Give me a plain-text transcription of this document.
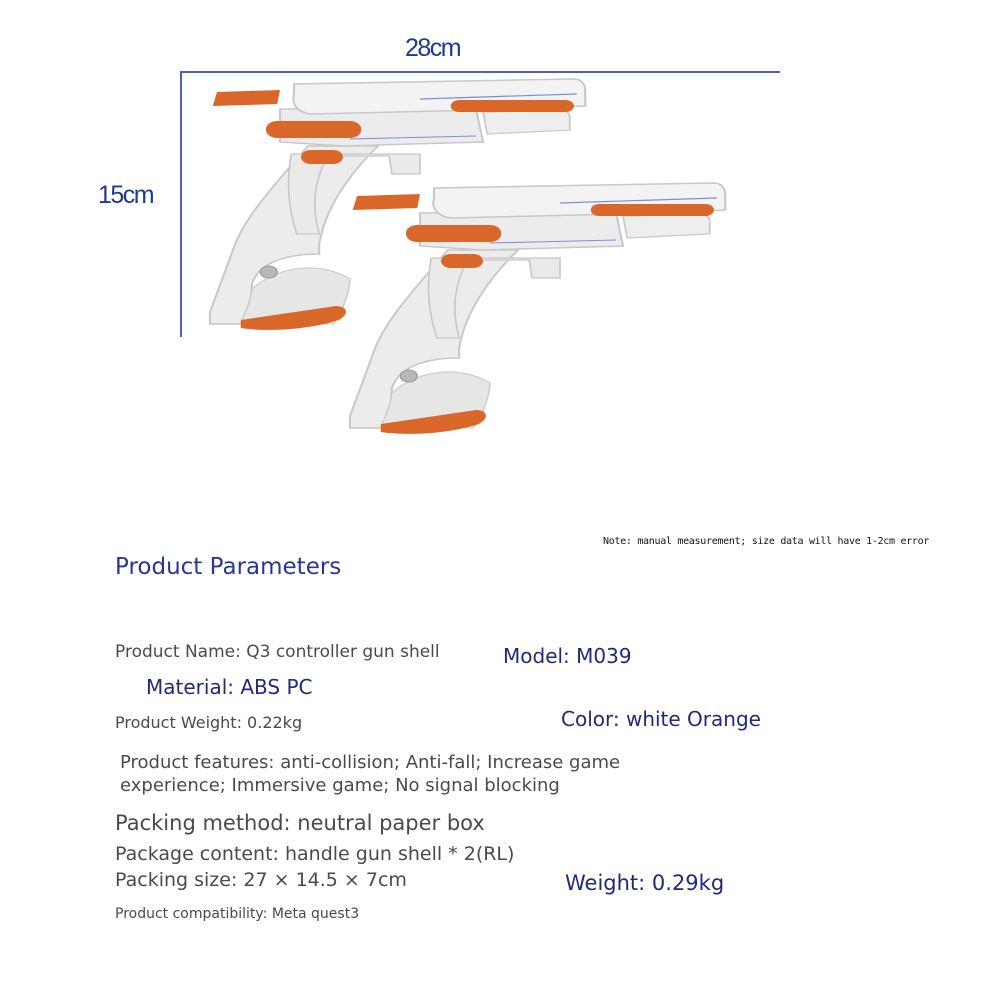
28cm
15cm
Note: manual measurement; size data will have 1-2cm error
Product Parameters
Product Name: Q3 controller gun shell	Model: M039
Material: ABS PC
Product Weight: 0.22kg	Color: white Orange
Product features: anti-collision; Anti-fall; Increase game
experience; Immersive game; No signal blocking
Packing method: neutral paper box
Package content: handle gun shell * 2(RL)
Packing size: 27 × 14.5 × 7cm	Weight: 0.29kg
Product compatibility: Meta quest3
